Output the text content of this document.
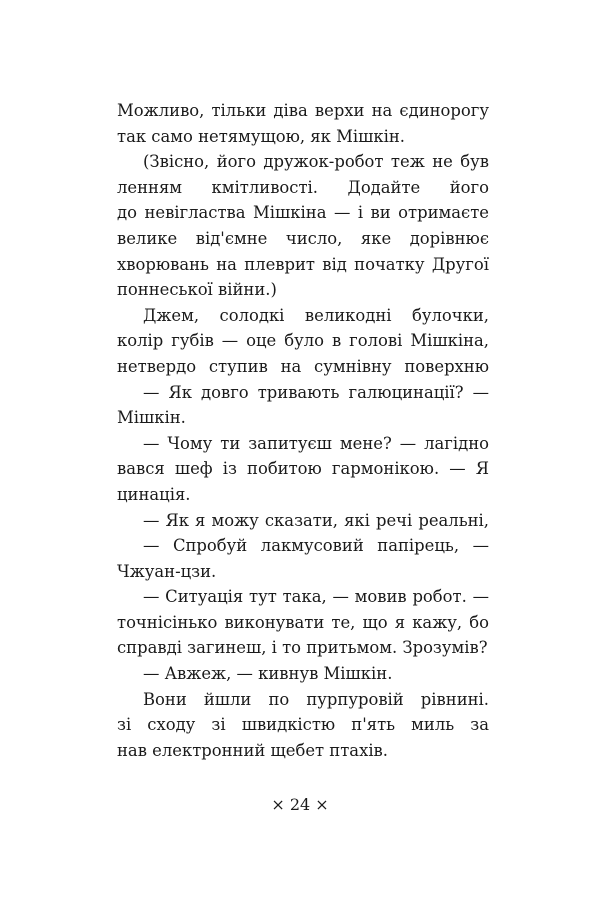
Можливо, тільки діва верхи на єдинорогу
так само нетямущою, як Мішкін.
(Звісно, його дружок-робот теж не був
ленням кмітливості. Додайте його
до невігластва Мішкіна — і ви отримаєте
велике від'ємне число, яке дорівнює
хворювань на плеврит від початку Другої
поннеської війни.)
Джем, солодкі великодні булочки,
колір губів — оце було в голові Мішкіна,
нетвердо ступив на сумнівну поверхню
— Як довго тривають галюцинації? —
Мішкін.
— Чому ти запитуєш мене? — лагідно
вався шеф із побитою гармонікою. — Я
цинація.
— Як я можу сказати, які речі реальні,
— Спробуй лакмусовий папірець, —
Чжуан-цзи.
— Ситуація тут така, — мовив робот. —
точнісінько виконувати те, що я кажу, бо
справді загинеш, і то притьмом. Зрозумів?
— Авжеж, — кивнув Мішкін.
Вони йшли по пурпуровій рівнині.
зі сходу зі швидкістю п'ять миль за
нав електронний щебет птахів.
× 24 ×
